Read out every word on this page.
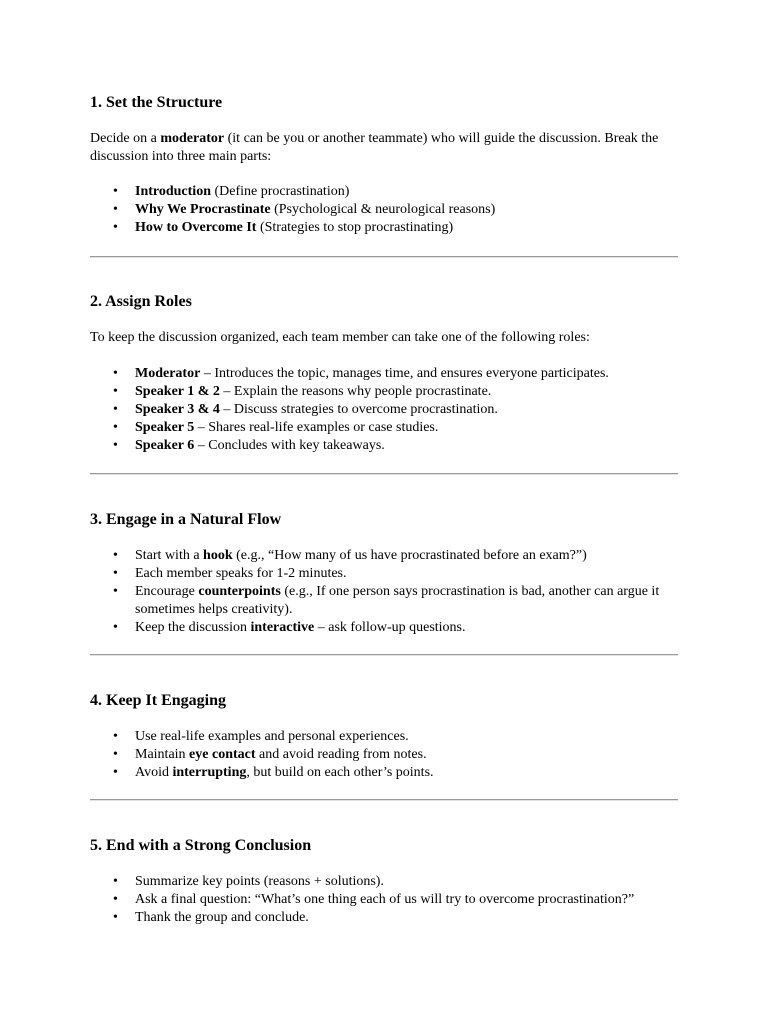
1. Set the Structure

Decide on a moderator (it can be you or another teammate) who will guide the discussion. Break the discussion into three main parts:

• Introduction (Define procrastination)
• Why We Procrastinate (Psychological & neurological reasons)
• How to Overcome It (Strategies to stop procrastinating)
2. Assign Roles

To keep the discussion organized, each team member can take one of the following roles:

• Moderator – Introduces the topic, manages time, and ensures everyone participates.
• Speaker 1 & 2 – Explain the reasons why people procrastinate.
• Speaker 3 & 4 – Discuss strategies to overcome procrastination.
• Speaker 5 – Shares real-life examples or case studies.
• Speaker 6 – Concludes with key takeaways.
3. Engage in a Natural Flow
• Start with a hook (e.g., “How many of us have procrastinated before an exam?”)
• Each member speaks for 1-2 minutes.
• Encourage counterpoints (e.g., If one person says procrastination is bad, another can argue it sometimes helps creativity).
• Keep the discussion interactive – ask follow-up questions.
4. Keep It Engaging
• Use real-life examples and personal experiences.
• Maintain eye contact and avoid reading from notes.
• Avoid interrupting, but build on each other’s points.
5. End with a Strong Conclusion
• Summarize key points (reasons + solutions).
• Ask a final question: “What’s one thing each of us will try to overcome procrastination?”
• Thank the group and conclude.
